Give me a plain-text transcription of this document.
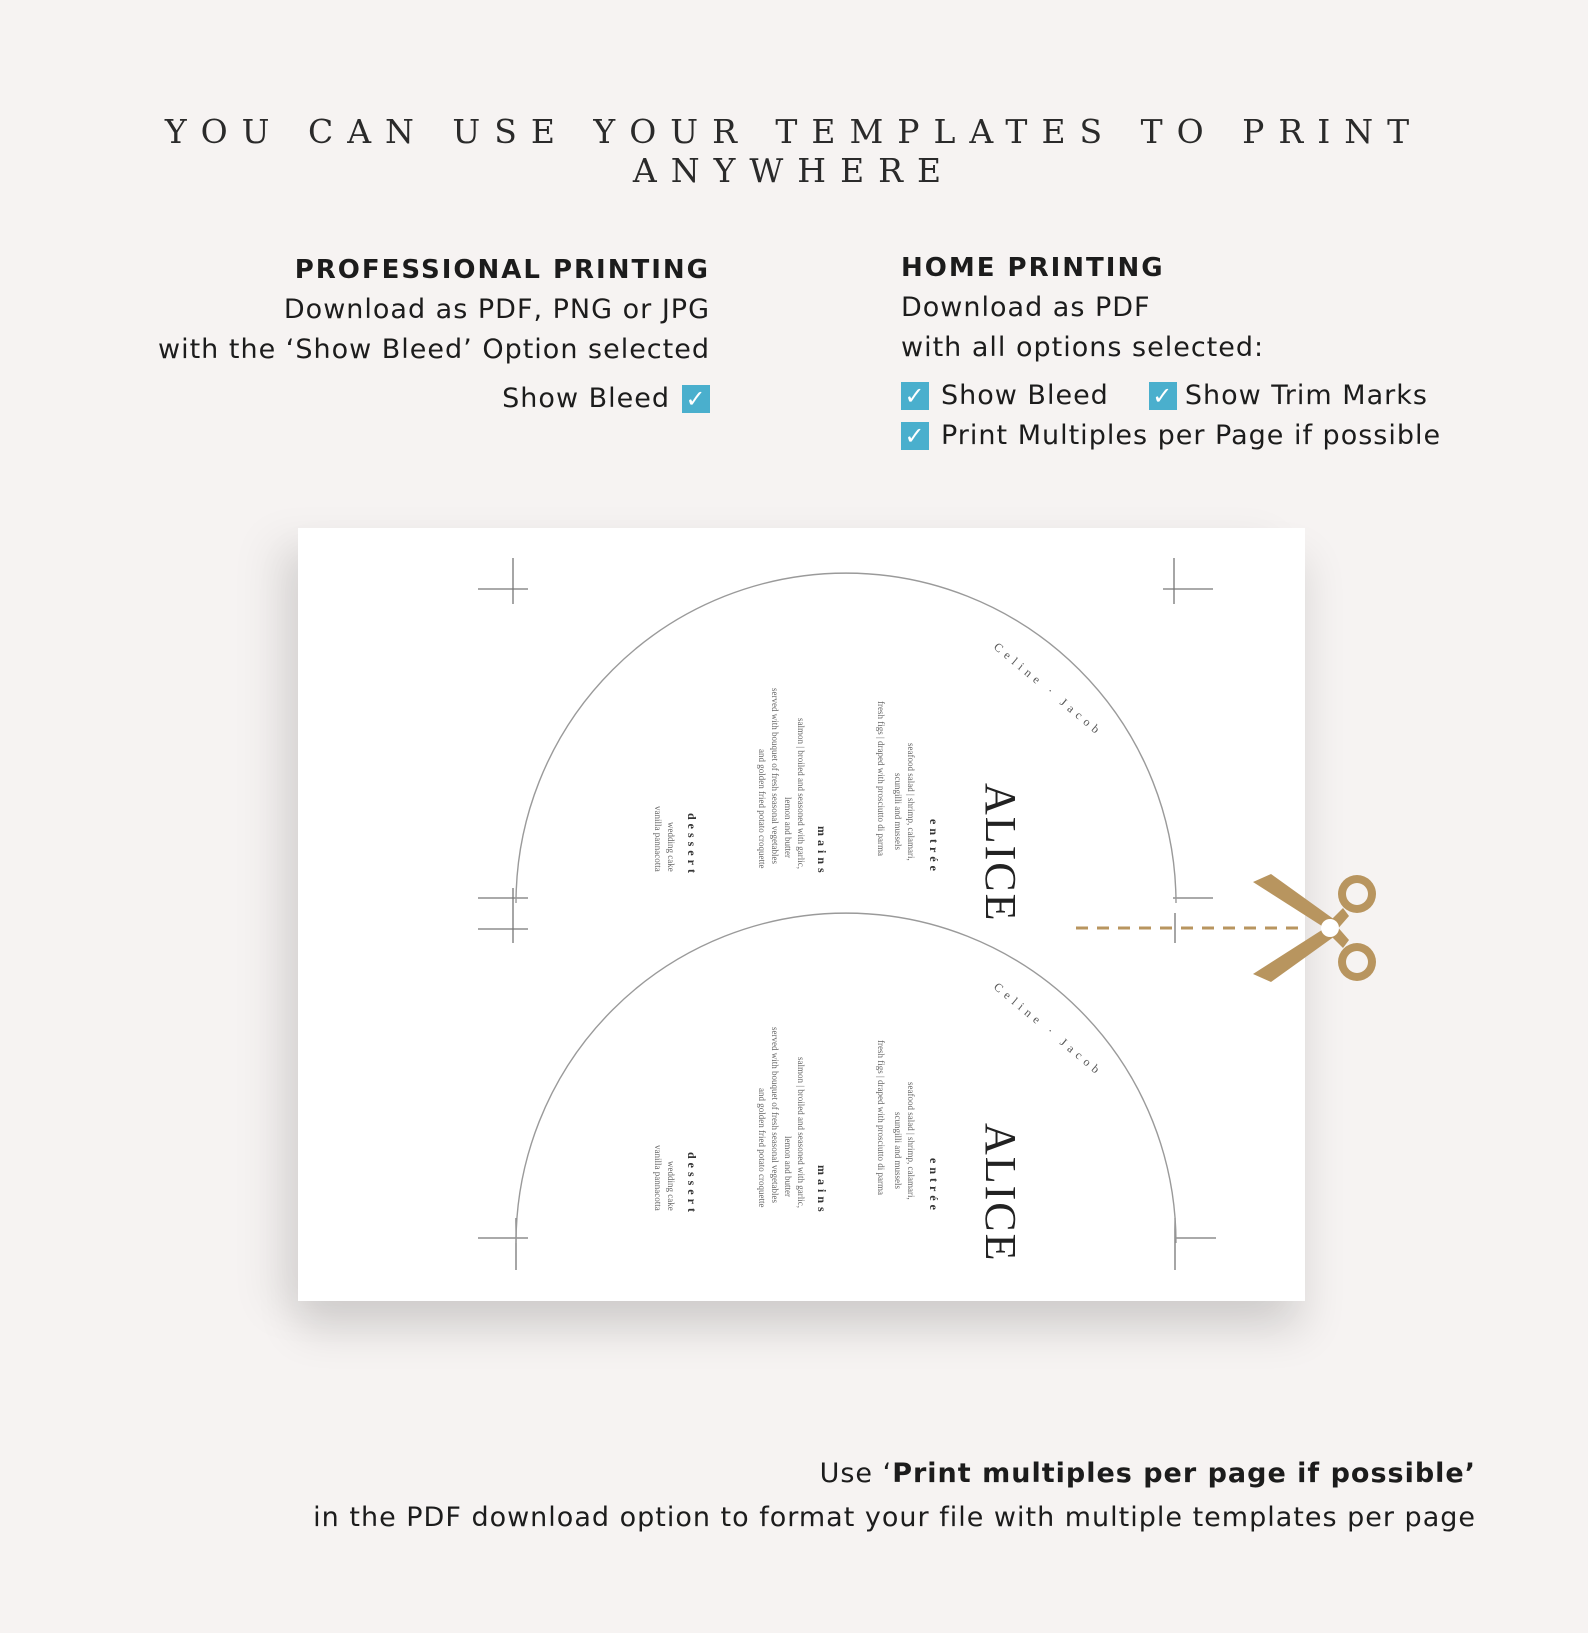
YOU CAN USE YOUR TEMPLATES TO PRINT ANYWHERE
PROFESSIONAL PRINTING

Download as PDF, PNG or JPG

with the ‘Show Bleed’ Option selected

Show Bleed ✓
HOME PRINTING

Download as PDF

with all options selected:

✓ Show Bleed ✓ Show Trim Marks
✓ Print Multiples per Page if possible
ALICE
entrée
seafood salad | shrimp, calamari,
scungilli and mussels
fresh figs | draped with prosciutto di parma
mains
salmon | broiled and seasoned with garlic,
lemon and butter
served with bouquet of fresh seasonal vegetables
and golden fried potato croquette
dessert
wedding cake
vanilla pannacotta
Celine · Jacob
ALICE
entrée
seafood salad | shrimp, calamari,
scungilli and mussels
fresh figs | draped with prosciutto di parma
mains
salmon | broiled and seasoned with garlic,
lemon and butter
served with bouquet of fresh seasonal vegetables
and golden fried potato croquette
dessert
wedding cake
vanilla pannacotta
Celine · Jacob

Use ‘Print multiples per page if possible’

in the PDF download option to format your file with multiple templates per page
